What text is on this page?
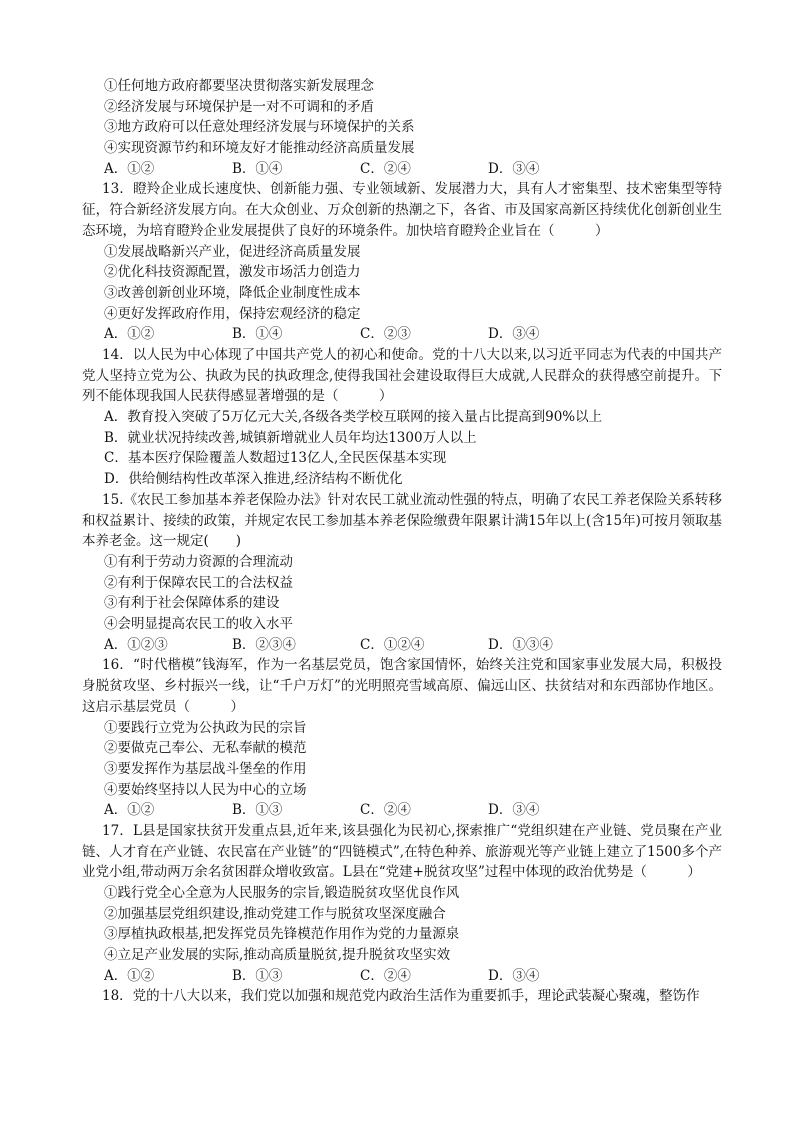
①任何地方政府都要坚决贯彻落实新发展理念
②经济发展与环境保护是一对不可调和的矛盾
③地方政府可以任意处理经济发展与环境保护的关系
④实现资源节约和环境友好才能推动经济高质量发展
A．①②	B．①④	C．②④	D．③④
13．瞪羚企业成长速度快、创新能力强、专业领域新、发展潜力大，具有人才密集型、技术密集型等特征，符合新经济发展方向。在大众创业、万众创新的热潮之下，各省、市及国家高新区持续优化创新创业生态环境，为培育瞪羚企业发展提供了良好的环境条件。加快培育瞪羚企业旨在（　　　）
①发展战略新兴产业，促进经济高质量发展
②优化科技资源配置，激发市场活力创造力
③改善创新创业环境，降低企业制度性成本
④更好发挥政府作用，保持宏观经济的稳定
A．①②	B．①④	C．②③	D．③④
14．以人民为中心体现了中国共产党人的初心和使命。党的十八大以来,以习近平同志为代表的中国共产党人坚持立党为公、执政为民的执政理念,使得我国社会建设取得巨大成就,人民群众的获得感空前提升。下列不能体现我国人民获得感显著增强的是（　　　）
A．教育投入突破了5万亿元大关,各级各类学校互联网的接入量占比提高到90%以上
B．就业状况持续改善,城镇新增就业人员年均达1300万人以上
C．基本医疗保险覆盖人数超过13亿人,全民医保基本实现
D．供给侧结构性改革深入推进,经济结构不断优化
15.《农民工参加基本养老保险办法》针对农民工就业流动性强的特点，明确了农民工养老保险关系转移和权益累计、接续的政策，并规定农民工参加基本养老保险缴费年限累计满15年以上(含15年)可按月领取基本养老金。这一规定(　　)
①有利于劳动力资源的合理流动
②有利于保障农民工的合法权益
③有利于社会保障体系的建设
④会明显提高农民工的收入水平
A．①②③	B．②③④	C．①②④	D．①③④
16．“时代楷模”钱海军，作为一名基层党员，饱含家国情怀，始终关注党和国家事业发展大局，积极投身脱贫攻坚、乡村振兴一线，让“千户万灯”的光明照亮雪域高原、偏远山区、扶贫结对和东西部协作地区。这启示基层党员（　　　）
①要践行立党为公执政为民的宗旨
②要做克己奉公、无私奉献的模范
③要发挥作为基层战斗堡垒的作用
④要始终坚持以人民为中心的立场
A．①②	B．①③	C．②④	D．③④
17．L县是国家扶贫开发重点县,近年来,该县强化为民初心,探索推广“党组织建在产业链、党员聚在产业链、人才育在产业链、农民富在产业链”的“四链模式”,在特色种养、旅游观光等产业链上建立了1500多个产业党小组,带动两万余名贫困群众增收致富。L县在“党建+脱贫攻坚”过程中体现的政治优势是（　　　）
①践行党全心全意为人民服务的宗旨,锻造脱贫攻坚优良作风
②加强基层党组织建设,推动党建工作与脱贫攻坚深度融合
③厚植执政根基,把发挥党员先锋模范作用作为党的力量源泉
④立足产业发展的实际,推动高质量脱贫,提升脱贫攻坚实效
A．①②	B．①③	C．②④	D．③④
18．党的十八大以来，我们党以加强和规范党内政治生活作为重要抓手，理论武装凝心聚魂，整饬作
